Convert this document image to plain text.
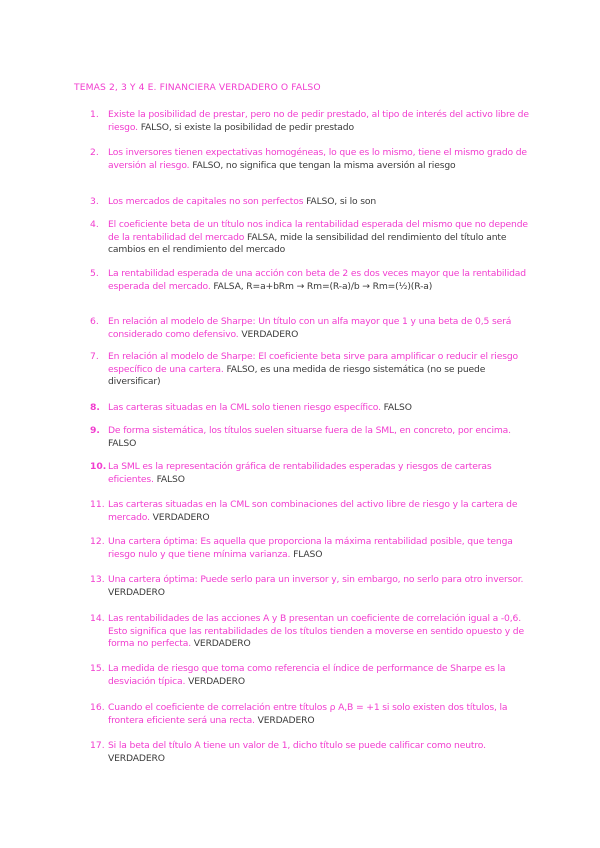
TEMAS 2, 3 Y 4 E. FINANCIERA VERDADERO O FALSO
1.	Existe la posibilidad de prestar, pero no de pedir prestado, al tipo de interés del activo libre de riesgo. FALSO, si existe la posibilidad de pedir prestado
2.	Los inversores tienen expectativas homogéneas, lo que es lo mismo, tiene el mismo grado de aversión al riesgo. FALSO, no significa que tengan la misma aversión al riesgo
3.	Los mercados de capitales no son perfectos FALSO, si lo son
4.	El coeficiente beta de un título nos indica la rentabilidad esperada del mismo que no depende de la rentabilidad del mercado FALSA, mide la sensibilidad del rendimiento del título ante cambios en el rendimiento del mercado
5.	La rentabilidad esperada de una acción con beta de 2 es dos veces mayor que la rentabilidad esperada del mercado. FALSA, R=a+bRm → Rm=(R-a)/b → Rm=(½)(R-a)
6.	En relación al modelo de Sharpe: Un título con un alfa mayor que 1 y una beta de 0,5 será considerado como defensivo. VERDADERO
7.	En relación al modelo de Sharpe: El coeficiente beta sirve para amplificar o reducir el riesgo específico de una cartera. FALSO, es una medida de riesgo sistemática (no se puede diversificar)
8. Las carteras situadas en la CML solo tienen riesgo específico. FALSO
9. De forma sistemática, los títulos suelen situarse fuera de la SML, en concreto, por encima. FALSO
10. La SML es la representación gráfica de rentabilidades esperadas y riesgos de carteras eficientes. FALSO
11. Las carteras situadas en la CML son combinaciones del activo libre de riesgo y la cartera de mercado. VERDADERO
12. Una cartera óptima: Es aquella que proporciona la máxima rentabilidad posible, que tenga riesgo nulo y que tiene mínima varianza. FLASO
13. Una cartera óptima: Puede serlo para un inversor y, sin embargo, no serlo para otro inversor. VERDADERO
14. Las rentabilidades de las acciones A y B presentan un coeficiente de correlación igual a -0,6. Esto significa que las rentabilidades de los títulos tienden a moverse en sentido opuesto y de forma no perfecta. VERDADERO
15. La medida de riesgo que toma como referencia el índice de performance de Sharpe es la desviación típica. VERDADERO
16. Cuando el coeficiente de correlación entre títulos ρ A,B = +1 si solo existen dos títulos, la frontera eficiente será una recta. VERDADERO
17. Si la beta del título A tiene un valor de 1, dicho título se puede calificar como neutro. VERDADERO
